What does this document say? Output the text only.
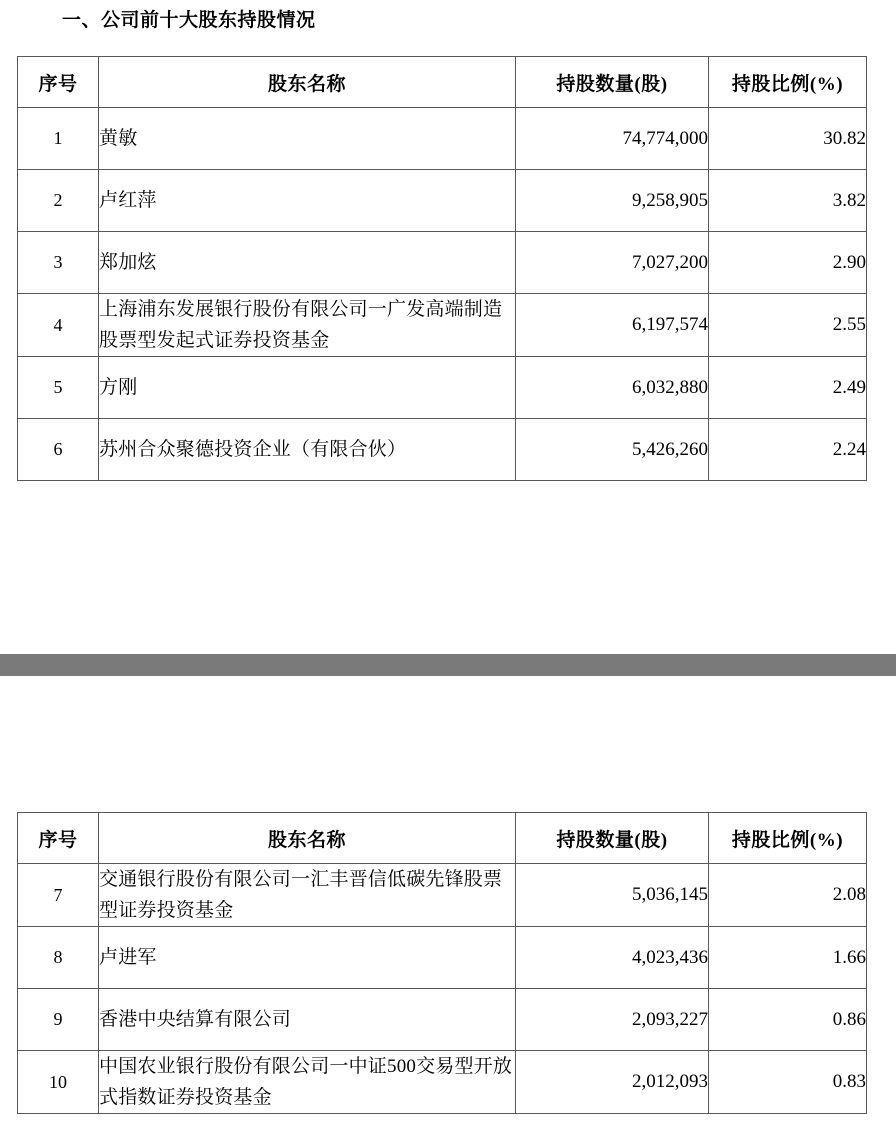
一、公司前十大股东持股情况
序号	股东名称	持股数量(股)	持股比例(%)
1	黄敏	74,774,000	30.82
2	卢红萍	9,258,905	3.82
3	郑加炫	7,027,200	2.90
4	上海浦东发展银行股份有限公司一广发高端制造股票型发起式证券投资基金	6,197,574	2.55
5	方刚	6,032,880	2.49
6	苏州合众聚德投资企业（有限合伙）	5,426,260	2.24
序号	股东名称	持股数量(股)	持股比例(%)
7	交通银行股份有限公司一汇丰晋信低碳先锋股票型证券投资基金	5,036,145	2.08
8	卢进军	4,023,436	1.66
9	香港中央结算有限公司	2,093,227	0.86
10	中国农业银行股份有限公司一中证500交易型开放式指数证券投资基金	2,012,093	0.83
